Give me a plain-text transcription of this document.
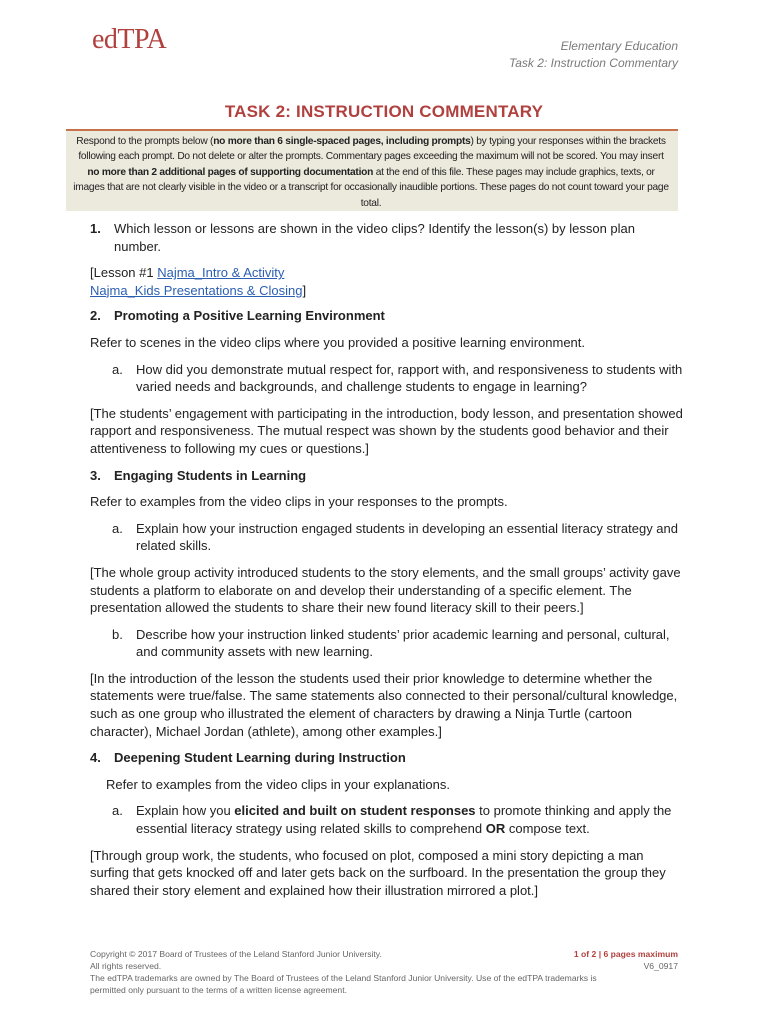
edTPA	Elementary Education
Task 2: Instruction Commentary
TASK 2: INSTRUCTION COMMENTARY
Respond to the prompts below (no more than 6 single-spaced pages, including prompts) by typing your responses within the brackets following each prompt. Do not delete or alter the prompts. Commentary pages exceeding the maximum will not be scored. You may insert no more than 2 additional pages of supporting documentation at the end of this file. These pages may include graphics, texts, or images that are not clearly visible in the video or a transcript for occasionally inaudible portions. These pages do not count toward your page total.
1.	Which lesson or lessons are shown in the video clips? Identify the lesson(s) by lesson plan number.
[Lesson #1 Najma_Intro & Activity
Najma_Kids Presentations & Closing]
2.	Promoting a Positive Learning Environment
Refer to scenes in the video clips where you provided a positive learning environment.
a.	How did you demonstrate mutual respect for, rapport with, and responsiveness to students with varied needs and backgrounds, and challenge students to engage in learning?
[The students’ engagement with participating in the introduction, body lesson, and presentation showed rapport and responsiveness. The mutual respect was shown by the students good behavior and their attentiveness to following my cues or questions.]
3.	Engaging Students in Learning
Refer to examples from the video clips in your responses to the prompts.
a.	Explain how your instruction engaged students in developing an essential literacy strategy and related skills.
[The whole group activity introduced students to the story elements, and the small groups’ activity gave students a platform to elaborate on and develop their understanding of a specific element. The presentation allowed the students to share their new found literacy skill to their peers.]
b.	Describe how your instruction linked students’ prior academic learning and personal, cultural, and community assets with new learning.
[In the introduction of the lesson the students used their prior knowledge to determine whether the statements were true/false. The same statements also connected to their personal/cultural knowledge, such as one group who illustrated the element of characters by drawing a Ninja Turtle (cartoon character), Michael Jordan (athlete), among other examples.]
4.	Deepening Student Learning during Instruction
Refer to examples from the video clips in your explanations.
a.	Explain how you elicited and built on student responses to promote thinking and apply the essential literacy strategy using related skills to comprehend OR compose text.
[Through group work, the students, who focused on plot, composed a mini story depicting a man surfing that gets knocked off and later gets back on the surfboard. In the presentation the group they shared their story element and explained how their illustration mirrored a plot.]
Copyright © 2017 Board of Trustees of the Leland Stanford Junior University.	1 of 2 | 6 pages maximum
All rights reserved.	V6_0917
The edTPA trademarks are owned by The Board of Trustees of the Leland Stanford Junior University. Use of the edTPA trademarks is
permitted only pursuant to the terms of a written license agreement.
